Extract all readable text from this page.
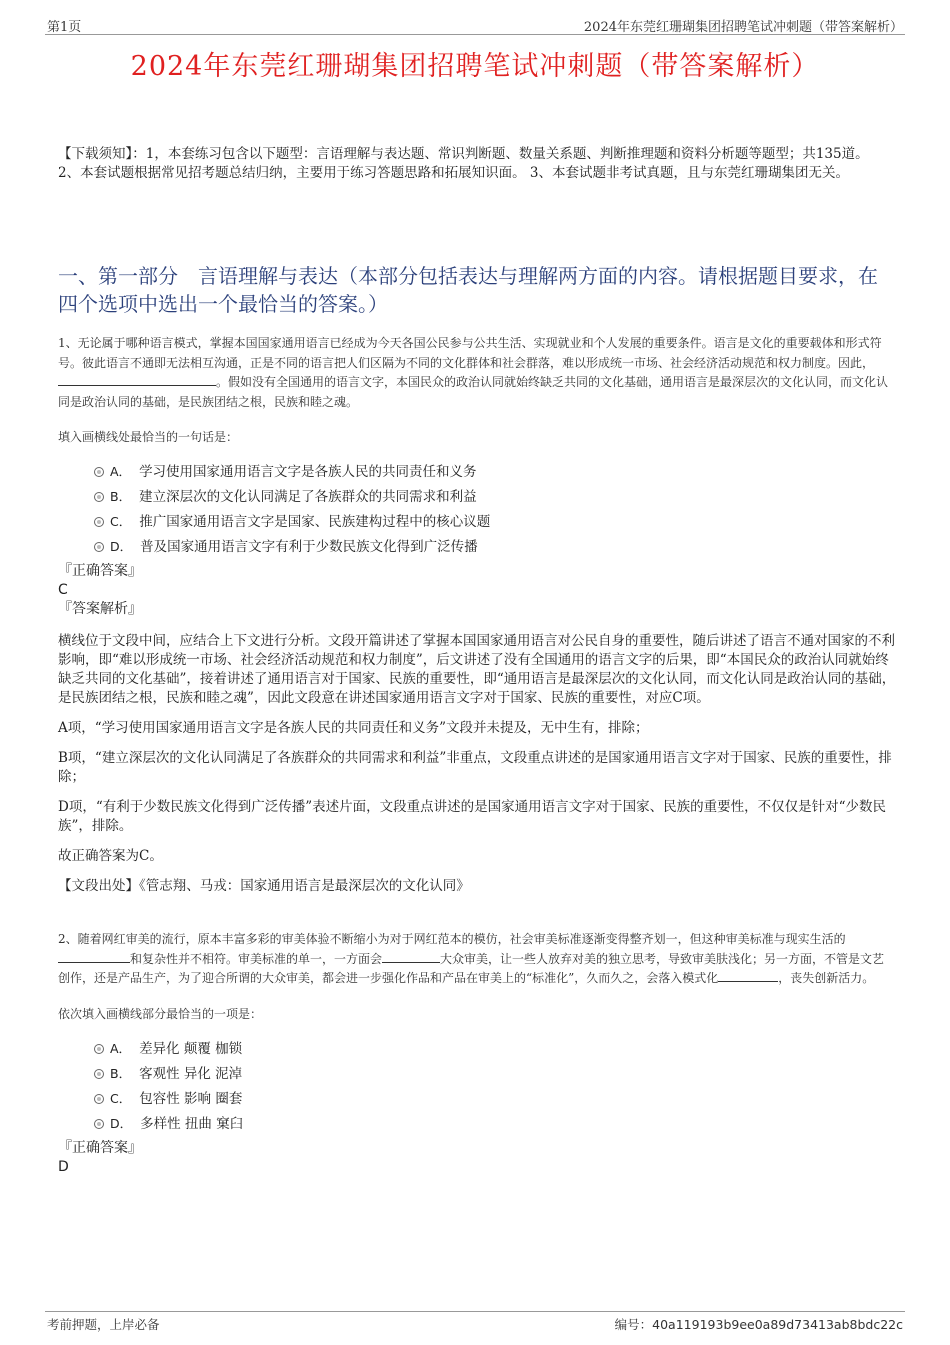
第1页	2024年东莞红珊瑚集团招聘笔试冲刺题（带答案解析）
2024年东莞红珊瑚集团招聘笔试冲刺题（带答案解析）
【下载须知】：1，本套练习包含以下题型：言语理解与表达题、常识判断题、数量关系题、判断推理题和资料分析题等题型；共135道。 2、本套试题根据常见招考题总结归纳，主要用于练习答题思路和拓展知识面。 3、本套试题非考试真题，且与东莞红珊瑚集团无关。
一、第一部分　言语理解与表达（本部分包括表达与理解两方面的内容。请根据题目要求，在四个选项中选出一个最恰当的答案。）
1、无论属于哪种语言模式，掌握本国国家通用语言已经成为今天各国公民参与公共生活、实现就业和个人发展的重要条件。语言是文化的重要载体和形式符号。彼此语言不通即无法相互沟通，正是不同的语言把人们区隔为不同的文化群体和社会群落，难以形成统一市场、社会经济活动规范和权力制度。因此，。假如没有全国通用的语言文字，本国民众的政治认同就始终缺乏共同的文化基础，通用语言是最深层次的文化认同，而文化认同是政治认同的基础，是民族团结之根，民族和睦之魂。
填入画横线处最恰当的一句话是：
A． 学习使用国家通用语言文字是各族人民的共同责任和义务
B． 建立深层次的文化认同满足了各族群众的共同需求和利益
C． 推广国家通用语言文字是国家、民族建构过程中的核心议题
D． 普及国家通用语言文字有利于少数民族文化得到广泛传播
『正确答案』
C
『答案解析』

横线位于文段中间，应结合上下文进行分析。文段开篇讲述了掌握本国国家通用语言对公民自身的重要性，随后讲述了语言不通对国家的不利影响，即“难以形成统一市场、社会经济活动规范和权力制度”，后文讲述了没有全国通用的语言文字的后果，即“本国民众的政治认同就始终缺乏共同的文化基础”，接着讲述了通用语言对于国家、民族的重要性，即“通用语言是最深层次的文化认同，而文化认同是政治认同的基础，是民族团结之根，民族和睦之魂”，因此文段意在讲述国家通用语言文字对于国家、民族的重要性，对应C项。

A项，“学习使用国家通用语言文字是各族人民的共同责任和义务”文段并未提及，无中生有，排除；

B项，“建立深层次的文化认同满足了各族群众的共同需求和利益”非重点，文段重点讲述的是国家通用语言文字对于国家、民族的重要性，排除；

D项，“有利于少数民族文化得到广泛传播”表述片面，文段重点讲述的是国家通用语言文字对于国家、民族的重要性，不仅仅是针对“少数民族”，排除。

故正确答案为C。

【文段出处】《管志翔、马戎：国家通用语言是最深层次的文化认同》

2、随着网红审美的流行，原本丰富多彩的审美体验不断缩小为对于网红范本的模仿，社会审美标准逐渐变得整齐划一，但这种审美标准与现实生活的和复杂性并不相符。审美标准的单一，一方面会	大众审美，让一些人放弃对美的独立思考，导致审美肤浅化；另一方面，不管是文艺创作，还是产品生产，为了迎合所谓的大众审美，都会进一步强化作品和产品在审美上的“标准化”，久而久之，会落入模式化	，丧失创新活力。
依次填入画横线部分最恰当的一项是：
A． 差异化 颠覆 枷锁
B． 客观性 异化 泥淖
C． 包容性 影响 圈套
D． 多样性 扭曲 窠臼
『正确答案』
D
考前押题，上岸必备	编号：40a119193b9ee0a89d73413ab8bdc22c
